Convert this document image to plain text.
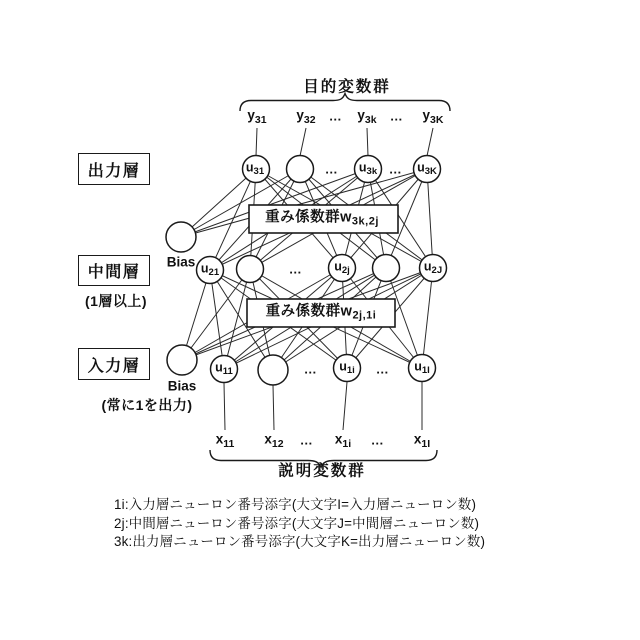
目的変数群
$y_{31}$ $y_{32}$ … $y_{3k}$ … $y_{3K}$
出力層
中間層
(1層以上)
入力層
(常に1を出力)
$u_{31}$	… $u_{3k}$ … $u_{3K}$
重み係数群$w_{3k,2j}$
重み係数群$w_{2j,1i}$
Bias $u_{21}$	… $u_{2j}$	$u_{2J}$
Bias
$u_{11}$	… $u_{1i}$ … $u_{1I}$
$x_{11}$ $x_{12}$ … $x_{1i}$ … $x_{1I}$
説明変数群
1i:入力層ニューロン番号添字(大文字I=入力層ニューロン数)
2j:中間層ニューロン番号添字(大文字J=中間層ニューロン数)
3k:出力層ニューロン番号添字(大文字K=出力層ニューロン数)
